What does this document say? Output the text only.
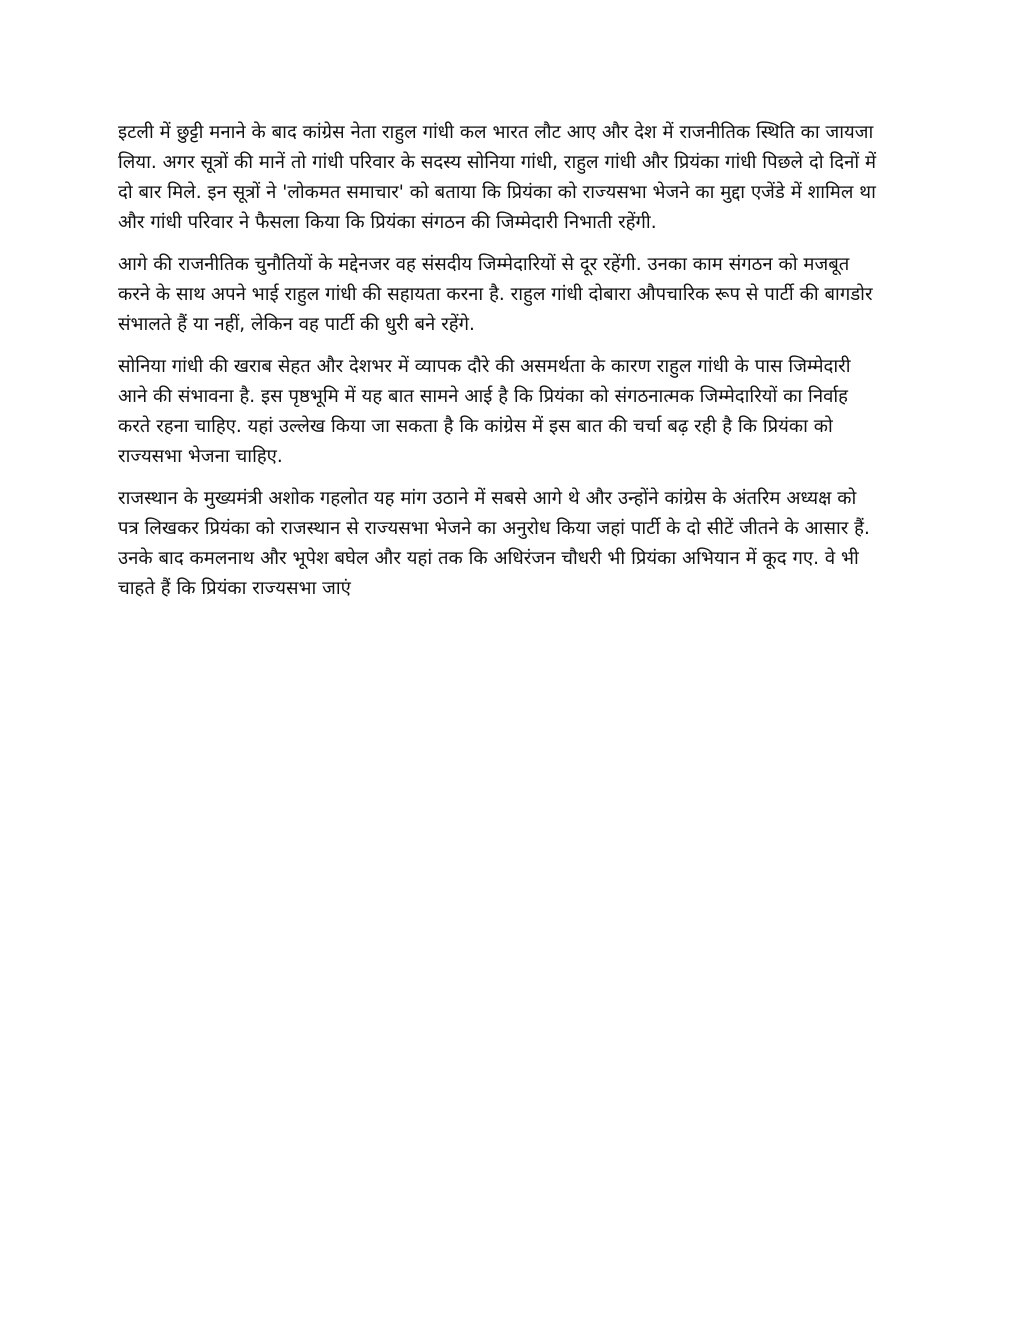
इटली में छुट्टी मनाने के बाद कांग्रेस नेता राहुल गांधी कल भारत लौट आए और देश में राजनीतिक स्थिति का जायजा
लिया. अगर सूत्रों की मानें तो गांधी परिवार के सदस्य सोनिया गांधी, राहुल गांधी और प्रियंका गांधी पिछले दो दिनों में
दो बार मिले. इन सूत्रों ने 'लोकमत समाचार' को बताया कि प्रियंका को राज्यसभा भेजने का मुद्दा एजेंडे में शामिल था
और गांधी परिवार ने फैसला किया कि प्रियंका संगठन की जिम्मेदारी निभाती रहेंगी.

आगे की राजनीतिक चुनौतियों के मद्देनजर वह संसदीय जिम्मेदारियों से दूर रहेंगी. उनका काम संगठन को मजबूत
करने के साथ अपने भाई राहुल गांधी की सहायता करना है. राहुल गांधी दोबारा औपचारिक रूप से पार्टी की बागडोर
संभालते हैं या नहीं, लेकिन वह पार्टी की धुरी बने रहेंगे.

सोनिया गांधी की खराब सेहत और देशभर में व्यापक दौरे की असमर्थता के कारण राहुल गांधी के पास जिम्मेदारी
आने की संभावना है. इस पृष्ठभूमि में यह बात सामने आई है कि प्रियंका को संगठनात्मक जिम्मेदारियों का निर्वाह
करते रहना चाहिए. यहां उल्लेख किया जा सकता है कि कांग्रेस में इस बात की चर्चा बढ़ रही है कि प्रियंका को
राज्यसभा भेजना चाहिए.

राजस्थान के मुख्यमंत्री अशोक गहलोत यह मांग उठाने में सबसे आगे थे और उन्होंने कांग्रेस के अंतरिम अध्यक्ष को
पत्र लिखकर प्रियंका को राजस्थान से राज्यसभा भेजने का अनुरोध किया जहां पार्टी के दो सीटें जीतने के आसार हैं.
उनके बाद कमलनाथ और भूपेश बघेल और यहां तक कि अधिरंजन चौधरी भी प्रियंका अभियान में कूद गए. वे भी
चाहते हैं कि प्रियंका राज्यसभा जाएं
